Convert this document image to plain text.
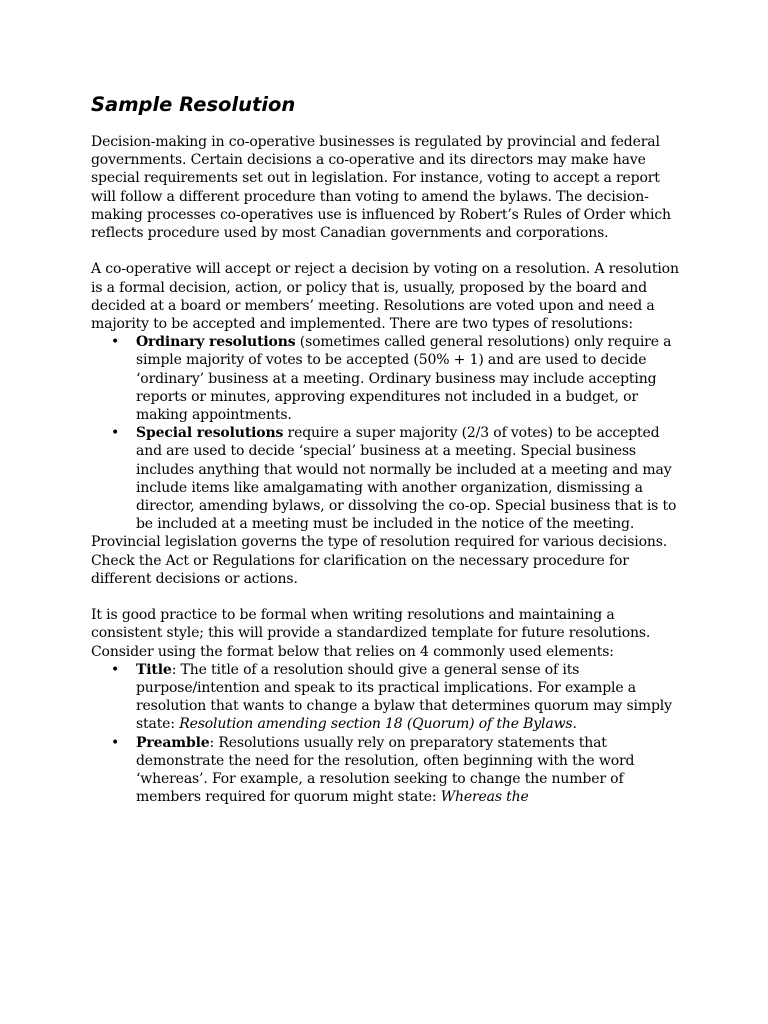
Sample Resolution

Decision-making in co-operative businesses is regulated by provincial and federal governments. Certain decisions a co-operative and its directors may make have special requirements set out in legislation. For instance, voting to accept a report will follow a different procedure than voting to amend the bylaws. The decision-making processes co-operatives use is influenced by Robert’s Rules of Order which reflects procedure used by most Canadian governments and corporations.

A co-operative will accept or reject a decision by voting on a resolution. A resolution is a formal decision, action, or policy that is, usually, proposed by the board and decided at a board or members’ meeting. Resolutions are voted upon and need a majority to be accepted and implemented. There are two types of resolutions:

• Ordinary resolutions (sometimes called general resolutions) only require a simple majority of votes to be accepted (50% + 1) and are used to decide ‘ordinary’ business at a meeting. Ordinary business may include accepting reports or minutes, approving expenditures not included in a budget, or making appointments.
• Special resolutions require a super majority (2/3 of votes) to be accepted and are used to decide ‘special’ business at a meeting. Special business includes anything that would not normally be included at a meeting and may include items like amalgamating with another organization, dismissing a director, amending bylaws, or dissolving the co-op. Special business that is to be included at a meeting must be included in the notice of the meeting.

Provincial legislation governs the type of resolution required for various decisions. Check the Act or Regulations for clarification on the necessary procedure for different decisions or actions.

It is good practice to be formal when writing resolutions and maintaining a consistent style; this will provide a standardized template for future resolutions. Consider using the format below that relies on 4 commonly used elements:

• Title: The title of a resolution should give a general sense of its purpose/intention and speak to its practical implications. For example a resolution that wants to change a bylaw that determines quorum may simply state: Resolution amending section 18 (Quorum) of the Bylaws.
• Preamble: Resolutions usually rely on preparatory statements that demonstrate the need for the resolution, often beginning with the word ‘whereas’. For example, a resolution seeking to change the number of members required for quorum might state: Whereas the
